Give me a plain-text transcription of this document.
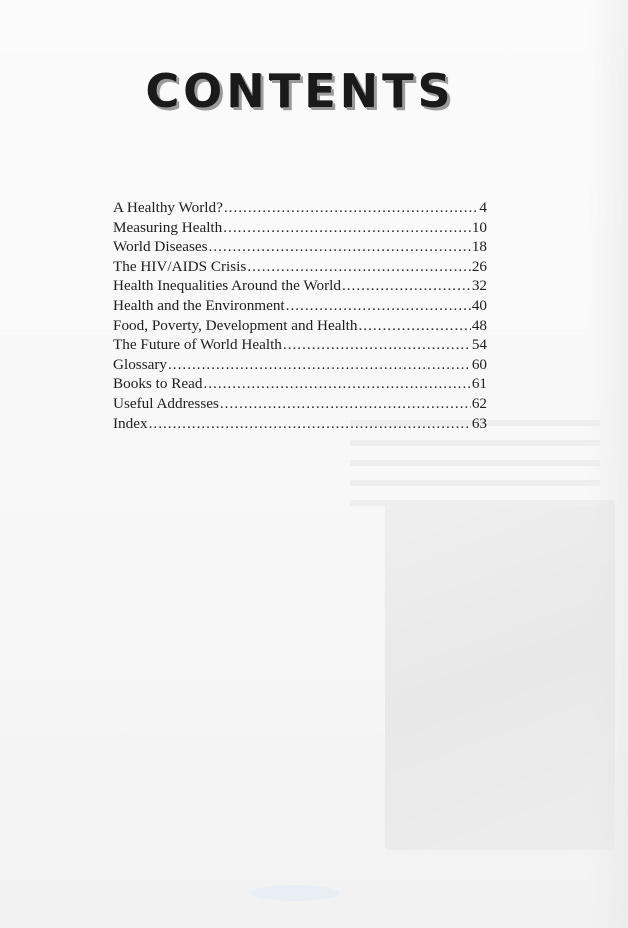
CONTENTS
A Healthy World? .....	4
Measuring Health .....	10
World Diseases .....	18
The HIV/AIDS Crisis .....	26
Health Inequalities Around the World .....	32
Health and the Environment .....	40
Food, Poverty, Development and Health .....	48
The Future of World Health .....	54
Glossary .....	60
Books to Read .....	61
Useful Addresses .....	62
Index .....	63
